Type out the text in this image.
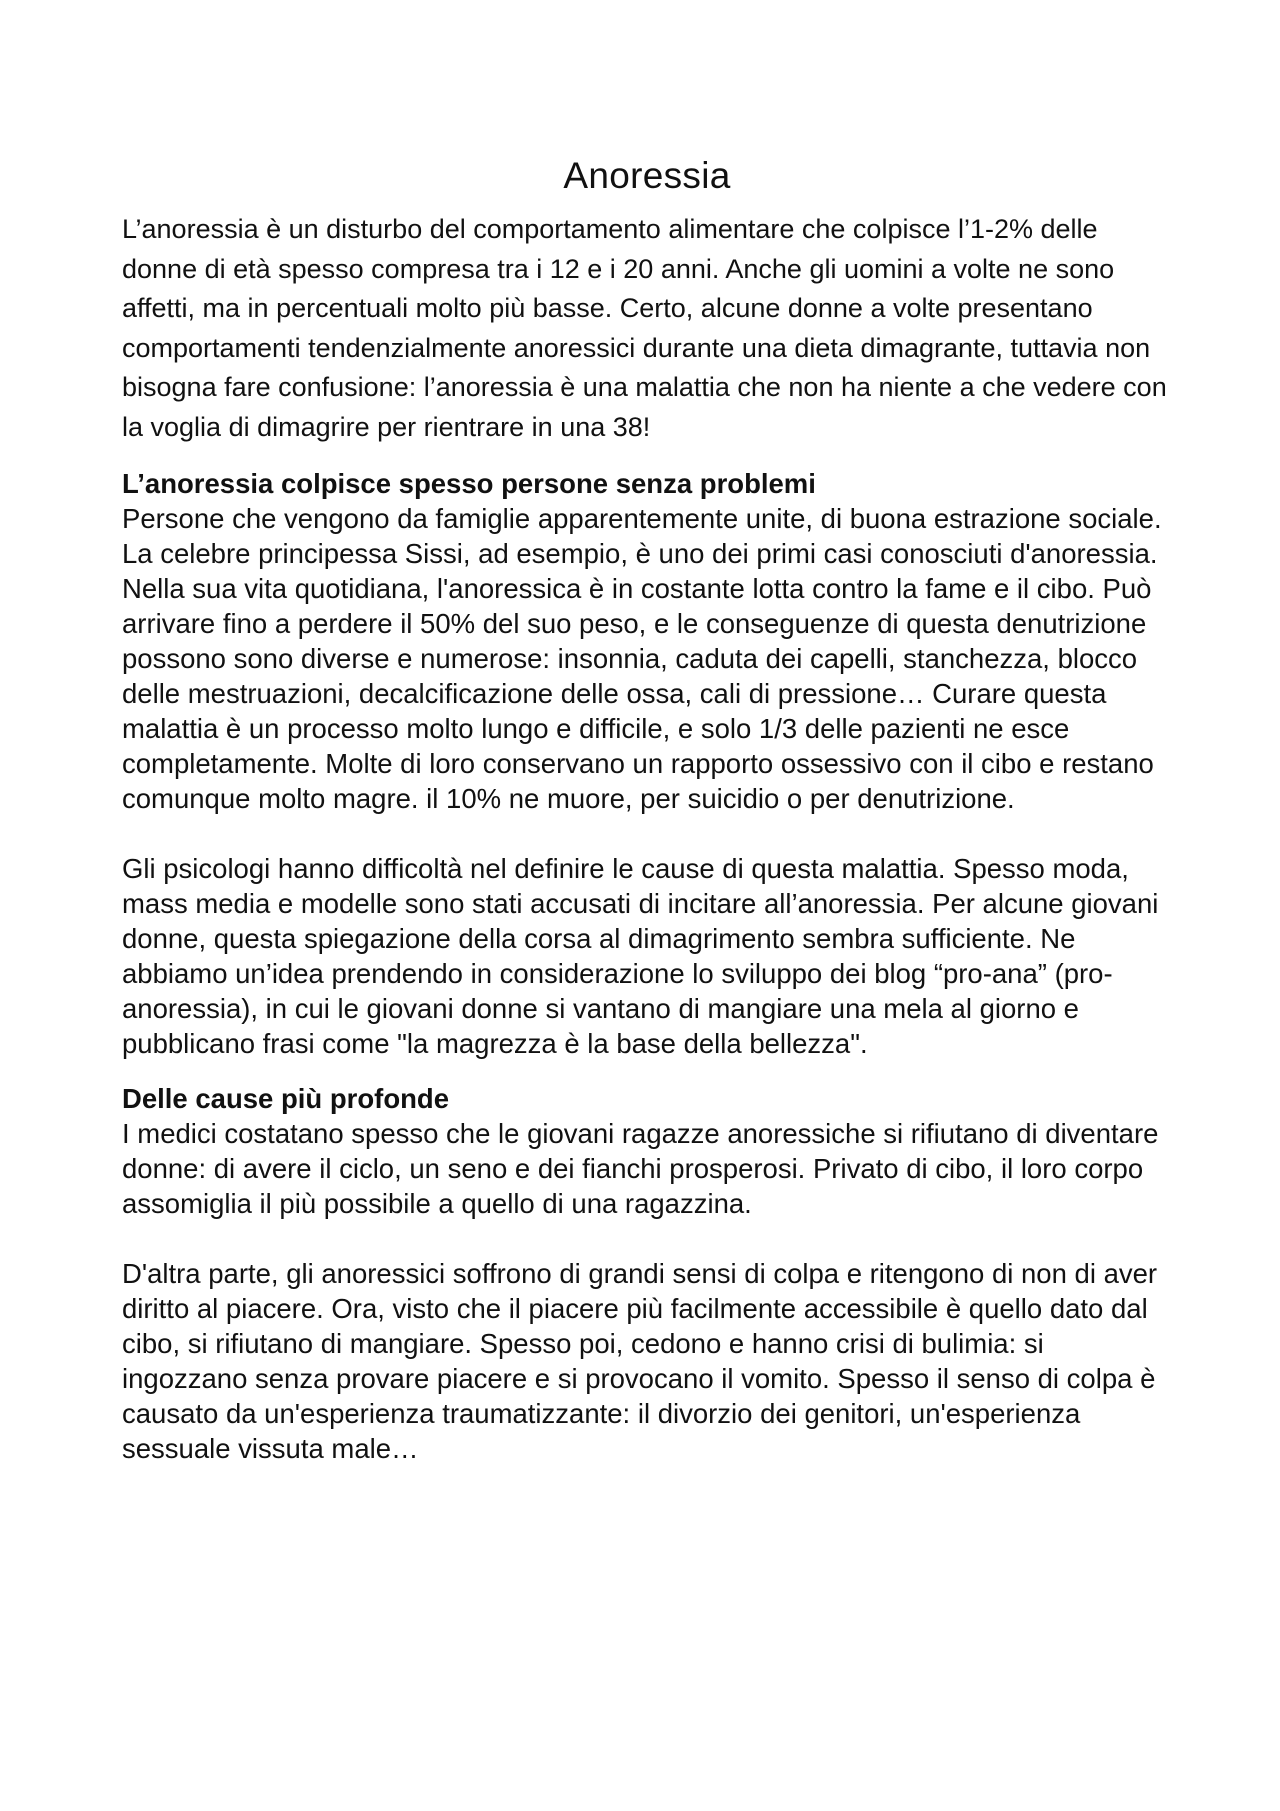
Anoressia

L’anoressia è un disturbo del comportamento alimentare che colpisce l’1-2% delle donne di età spesso compresa tra i 12 e i 20 anni. Anche gli uomini a volte ne sono affetti, ma in percentuali molto più basse. Certo, alcune donne a volte presentano comportamenti tendenzialmente anoressici durante una dieta dimagrante, tuttavia non bisogna fare confusione: l’anoressia è una malattia che non ha niente a che vedere con la voglia di dimagrire per rientrare in una 38!

L’anoressia colpisce spesso persone senza problemi

Persone che vengono da famiglie apparentemente unite, di buona estrazione sociale. La celebre principessa Sissi, ad esempio, è uno dei primi casi conosciuti d'anoressia. Nella sua vita quotidiana, l'anoressica è in costante lotta contro la fame e il cibo. Può arrivare fino a perdere il 50% del suo peso, e le conseguenze di questa denutrizione possono sono diverse e numerose: insonnia, caduta dei capelli, stanchezza, blocco delle mestruazioni, decalcificazione delle ossa, cali di pressione… Curare questa malattia è un processo molto lungo e difficile, e solo 1/3 delle pazienti ne esce completamente. Molte di loro conservano un rapporto ossessivo con il cibo e restano comunque molto magre. il 10% ne muore, per suicidio o per denutrizione.

Gli psicologi hanno difficoltà nel definire le cause di questa malattia. Spesso moda, mass media e modelle sono stati accusati di incitare all’anoressia. Per alcune giovani donne, questa spiegazione della corsa al dimagrimento sembra sufficiente. Ne abbiamo un’idea prendendo in considerazione lo sviluppo dei blog “pro-ana” (pro-anoressia), in cui le giovani donne si vantano di mangiare una mela al giorno e pubblicano frasi come "la magrezza è la base della bellezza".

Delle cause più profonde

I medici costatano spesso che le giovani ragazze anoressiche si rifiutano di diventare donne: di avere il ciclo, un seno e dei fianchi prosperosi. Privato di cibo, il loro corpo assomiglia il più possibile a quello di una ragazzina.

D'altra parte, gli anoressici soffrono di grandi sensi di colpa e ritengono di non di aver diritto al piacere. Ora, visto che il piacere più facilmente accessibile è quello dato dal cibo, si rifiutano di mangiare. Spesso poi, cedono e hanno crisi di bulimia: si ingozzano senza provare piacere e si provocano il vomito. Spesso il senso di colpa è causato da un'esperienza traumatizzante: il divorzio dei genitori, un'esperienza sessuale vissuta male…
